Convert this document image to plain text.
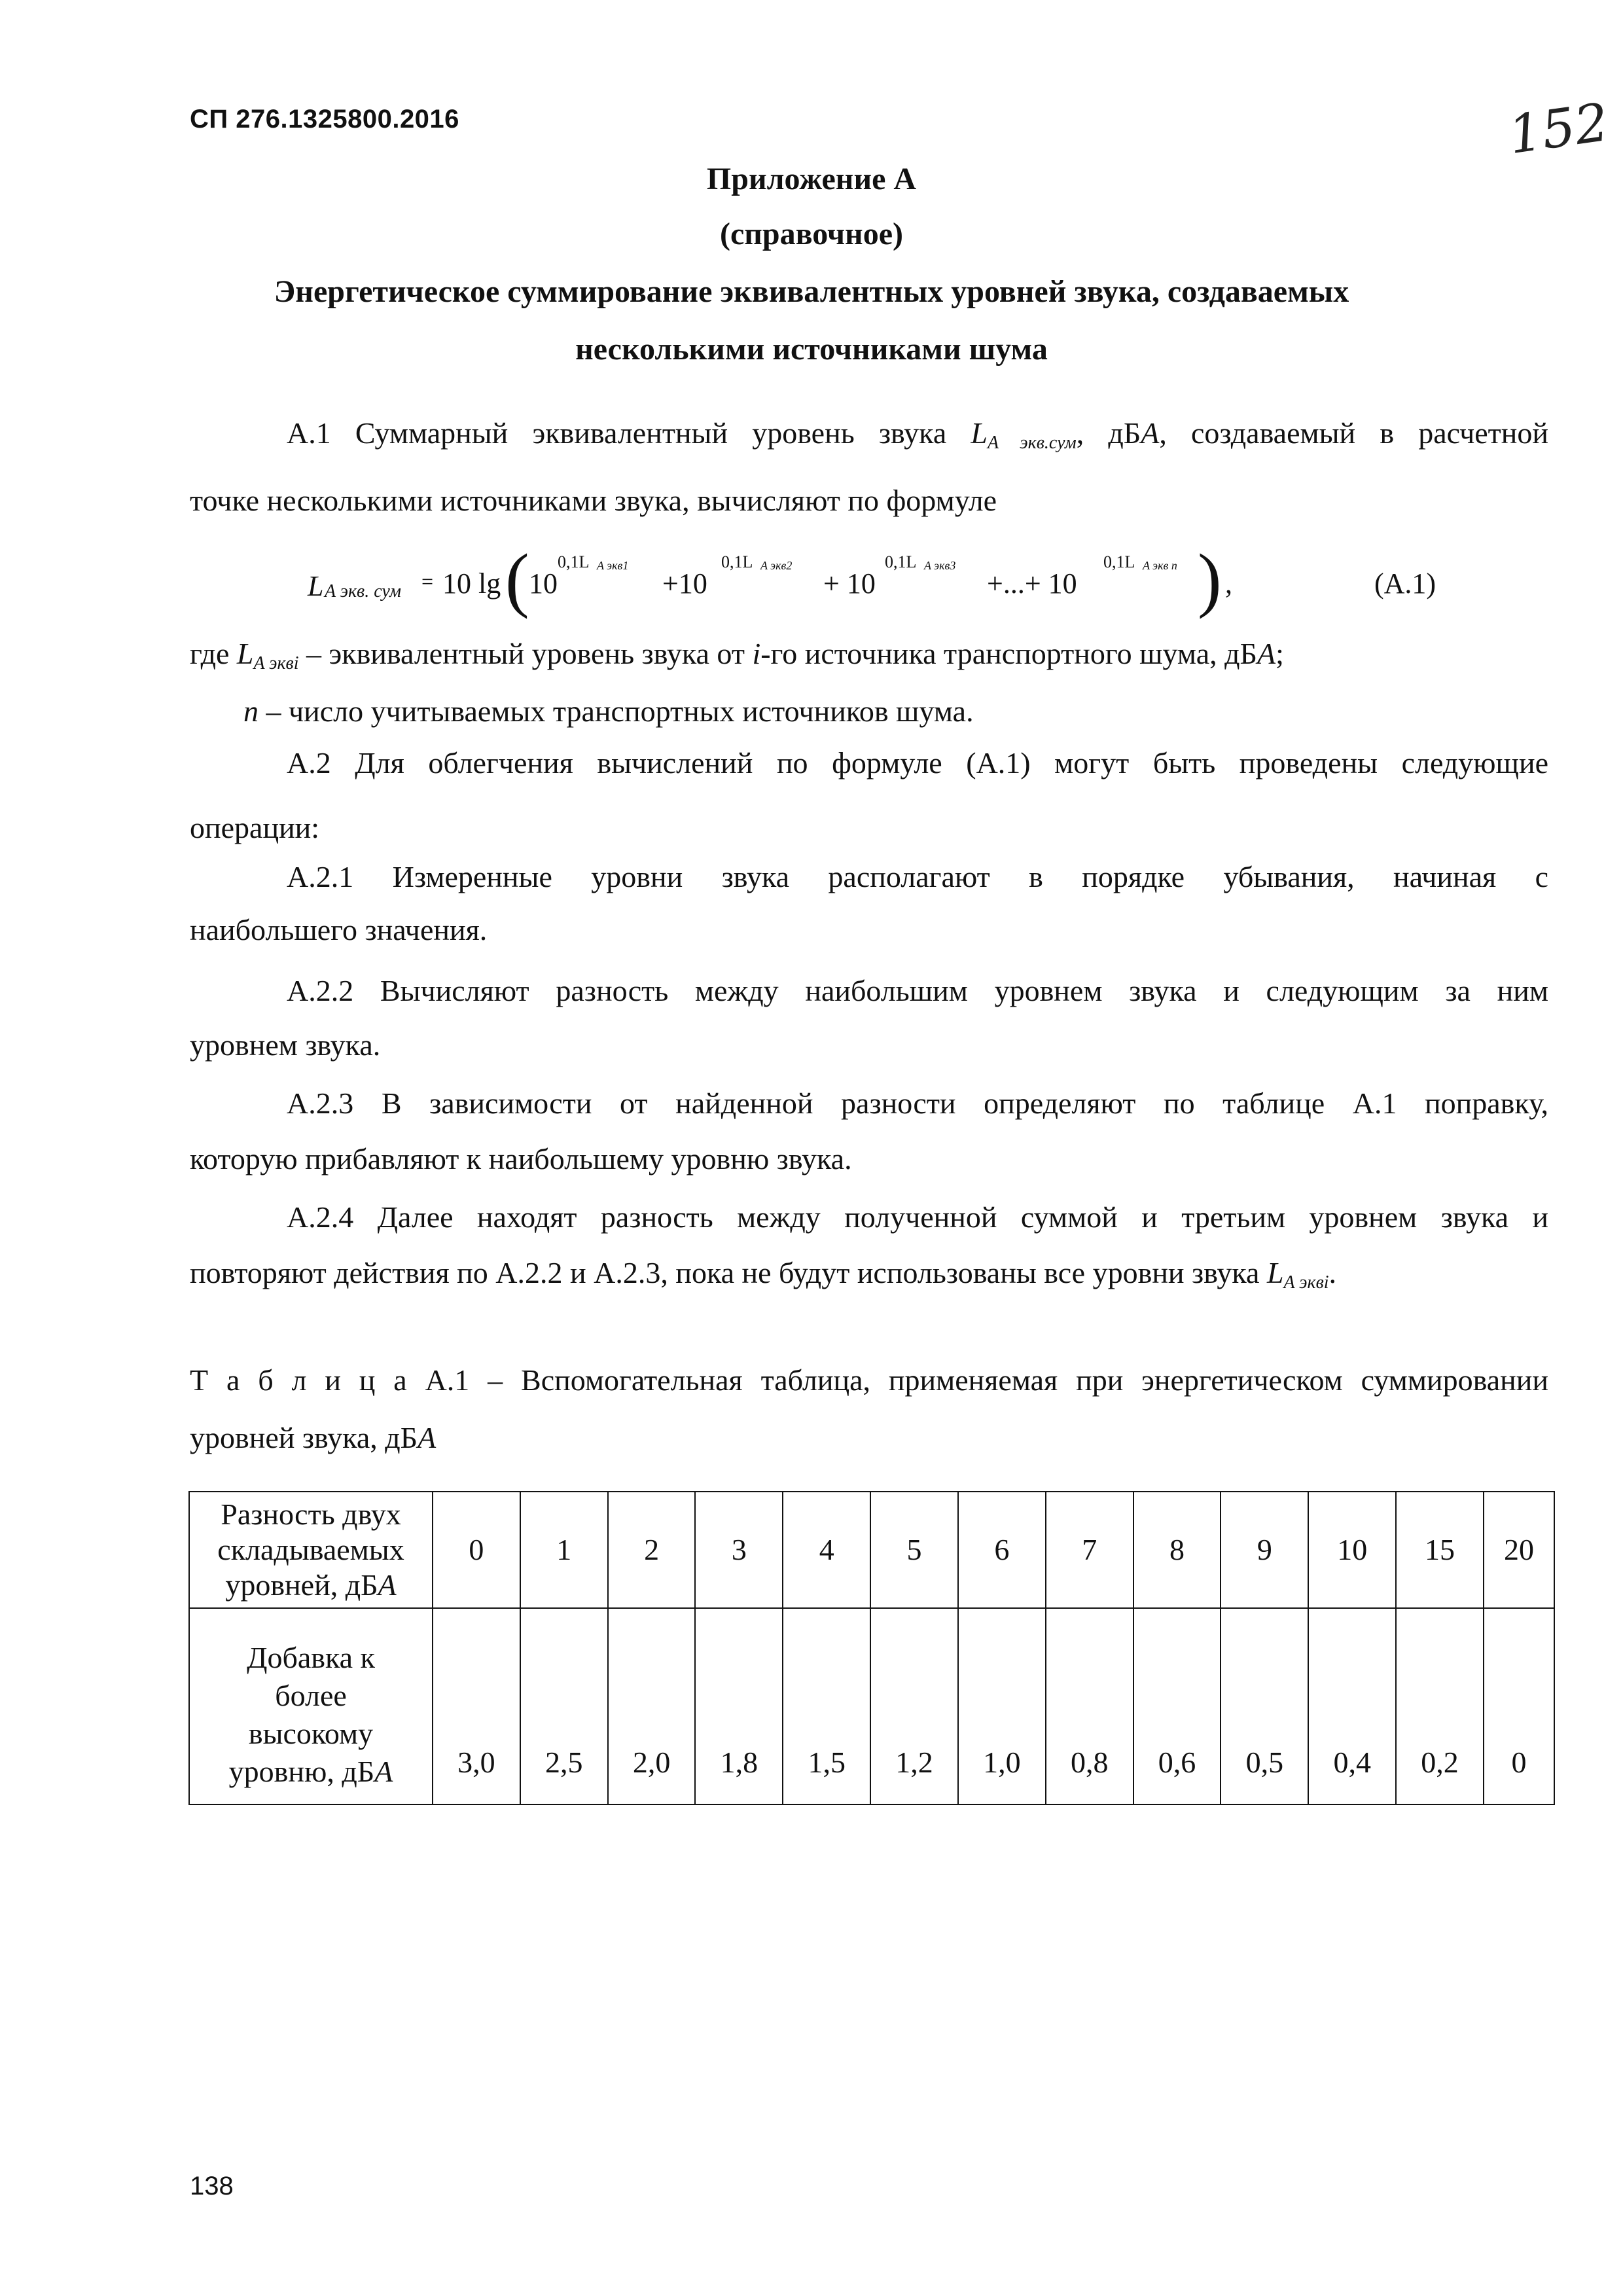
СП 276.1325800.2016	152
Приложение А
(справочное)
Энергетическое суммирование эквивалентных уровней звука, создаваемых
несколькими источниками шума
А.1 Суммарный эквивалентный уровень звука $L_{A экв.сум}$, дБА, создаваемый в расчетной
точке несколькими источниками звука, вычисляют по формуле
L A экв. сум = 10 lg ( 10
0,1L A экв1
+10
0,1L A экв2
+ 10
0,1L A экв3
+...+ 10
0,1L A экв n ) ,	(А.1)
где $L_{A эквi}$ – эквивалентный уровень звука от i-го источника транспортного шума, дБА;
n – число учитываемых транспортных источников шума.
А.2 Для облегчения вычислений по формуле (А.1) могут быть проведены следующие
операции:
А.2.1 Измеренные уровни звука располагают в порядке убывания, начиная с
наибольшего значения.
А.2.2 Вычисляют разность между наибольшим уровнем звука и следующим за ним
уровнем звука.
А.2.3 В зависимости от найденной разности определяют по таблице А.1 поправку,
которую прибавляют к наибольшему уровню звука.
А.2.4 Далее находят разность между полученной суммой и третьим уровнем звука и
повторяют действия по А.2.2 и А.2.3, пока не будут использованы все уровни звука $L_{A эквi}$.
Т а б л и ц а А.1 – Вспомогательная таблица, применяемая при энергетическом суммировании
уровней звука, дБА
Разность двух
складываемых
уровней, дБА	0	1	2	3	4	5	6	7	8	9	10	15	20

Добавка к
более
высокому
уровню, дБА	3,0	2,5	2,0	1,8	1,5	1,2	1,0	0,8	0,6	0,5	0,4	0,2	0
138
